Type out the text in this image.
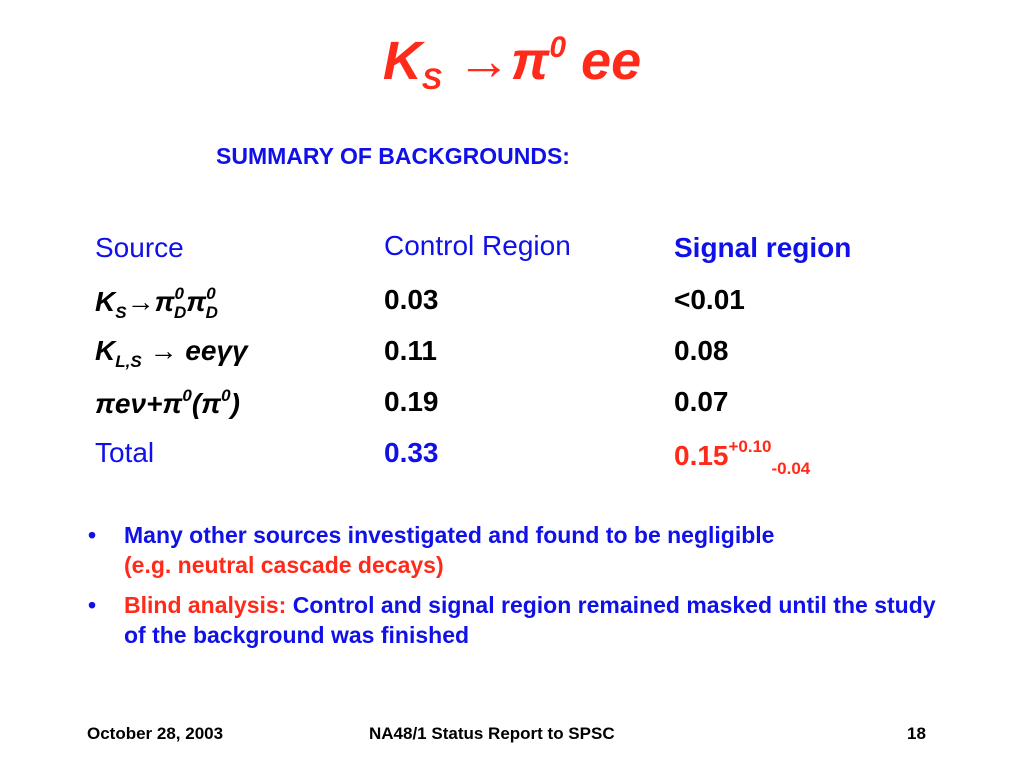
$K_S \to\pi^0$ ee
SUMMARY OF BACKGROUNDS:
Source	Control Region	Signal region
$K_S\to\pi^0_D\pi^0_D$	0.03	<0.01
$K_{L,S} \to ee\gamma\gamma$	0.11	0.08
$\pi e\nu+\pi^0(\pi^0)$	0.19	0.07
Total	0.33	$0.15^{+0.10}_{-0.04}$
• Many other sources investigated and found to be negligible
(e.g. neutral cascade decays)
• Blind analysis: Control and signal region remained masked until the study of the background was finished
October 28, 2003	NA48/1 Status Report to SPSC	18
